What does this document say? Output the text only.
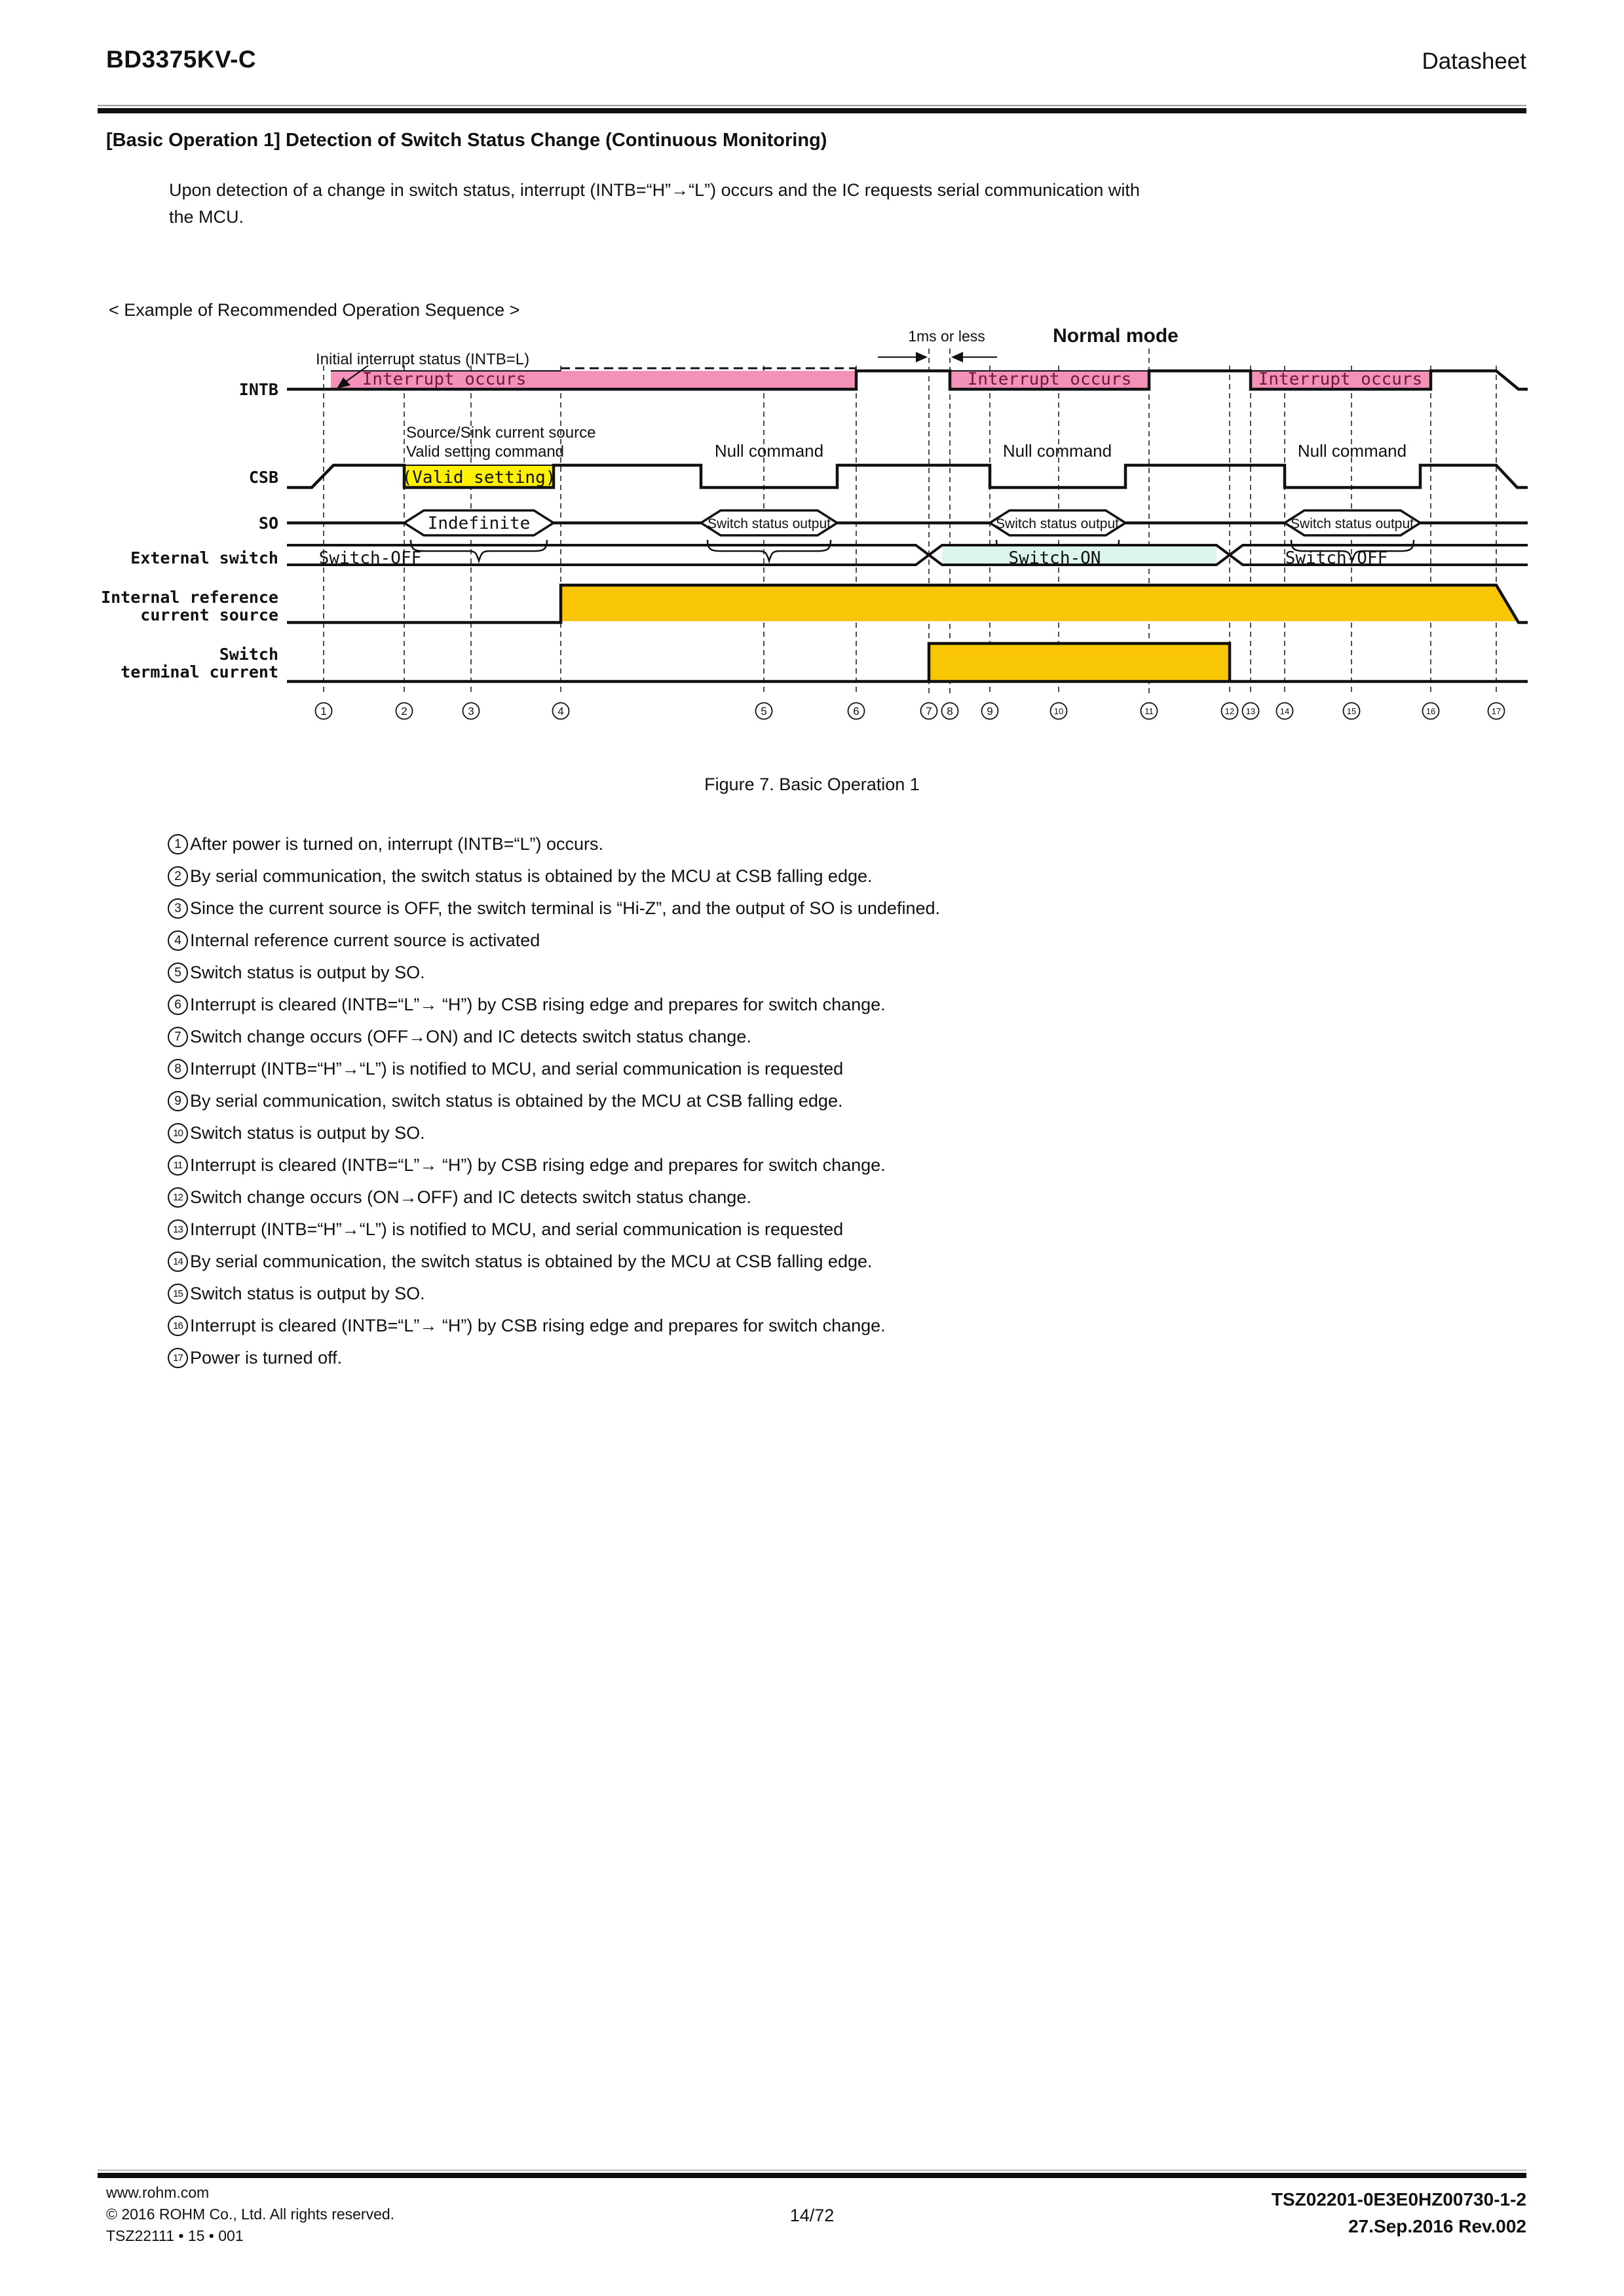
BD3375KV-C	Datasheet
[Basic Operation 1] Detection of Switch Status Change (Continuous Monitoring)
Upon detection of a change in switch status, interrupt (INTB=“H”→“L”) occurs and the IC requests serial communication with
the MCU.
< Example of Recommended Operation Sequence >
Interrupt occurs	Interrupt occurs	Interrupt occurs
Initial interrupt status (INTB=L)
1ms or less	Normal mode
(Valid setting)
Source/Sink current source
Valid setting command	Null command	Null command	Null command
Indefinite	Switch status output	Switch status output	Switch status output
Switch-OFF	Switch-ON	Switch-OFF
INTB
CSB
SO
External switch
Internal reference
current source
Switch
terminal current
1	2	3	4	5	6	7 8	9	10	11	12 13	14	15	16	17
Figure 7. Basic Operation 1
1 After power is turned on, interrupt (INTB=“L”) occurs.
2 By serial communication, the switch status is obtained by the MCU at CSB falling edge.
3 Since the current source is OFF, the switch terminal is “Hi-Z”, and the output of SO is undefined.
4 Internal reference current source is activated
5 Switch status is output by SO.
6 Interrupt is cleared (INTB=“L”→ “H”) by CSB rising edge and prepares for switch change.
7 Switch change occurs (OFF→ON) and IC detects switch status change.
8 Interrupt (INTB=“H”→“L”) is notified to MCU, and serial communication is requested
9 By serial communication, switch status is obtained by the MCU at CSB falling edge.
10 Switch status is output by SO.
11 Interrupt is cleared (INTB=“L”→ “H”) by CSB rising edge and prepares for switch change.
12 Switch change occurs (ON→OFF) and IC detects switch status change.
13 Interrupt (INTB=“H”→“L”) is notified to MCU, and serial communication is requested
14 By serial communication, the switch status is obtained by the MCU at CSB falling edge.
15 Switch status is output by SO.
16 Interrupt is cleared (INTB=“L”→ “H”) by CSB rising edge and prepares for switch change.
17 Power is turned off.
www.rohm.com
© 2016 ROHM Co., Ltd. All rights reserved.
TSZ22111 • 15 • 001
14/72
TSZ02201-0E3E0HZ00730-1-2
27.Sep.2016 Rev.002
